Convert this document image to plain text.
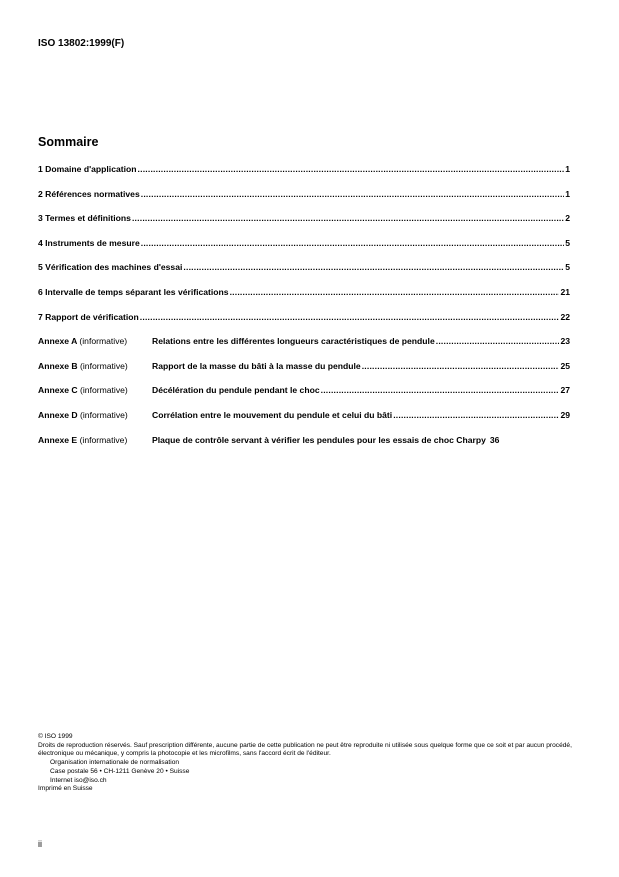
ISO 13802:1999(F)
Sommaire
1 Domaine d'application .....	1
2 Références normatives .....	1
3 Termes et définitions .....	2
4 Instruments de mesure .....	5
5 Vérification des machines d'essai .....	5
6 Intervalle de temps séparant les vérifications .....	21
7 Rapport de vérification .....	22
Annexe A (informative)	Relations entre les différentes longueurs caractéristiques de pendule .....	23
Annexe B (informative)	Rapport de la masse du bâti à la masse du pendule .....	25
Annexe C (informative)	Décélération du pendule pendant le choc .....	27
Annexe D (informative)	Corrélation entre le mouvement du pendule et celui du bâti .....	29
Annexe E (informative)	Plaque de contrôle servant à vérifier les pendules pour les essais de choc Charpy 36
© ISO 1999
Droits de reproduction réservés. Sauf prescription différente, aucune partie de cette publication ne peut être reproduite ni utilisée sous quelque forme que ce soit et par aucun procédé, électronique ou mécanique, y compris la photocopie et les microfilms, sans l'accord écrit de l'éditeur.
Organisation internationale de normalisation
Case postale 56 • CH-1211 Genève 20 • Suisse
Internet iso@iso.ch
Imprimé en Suisse
ii
